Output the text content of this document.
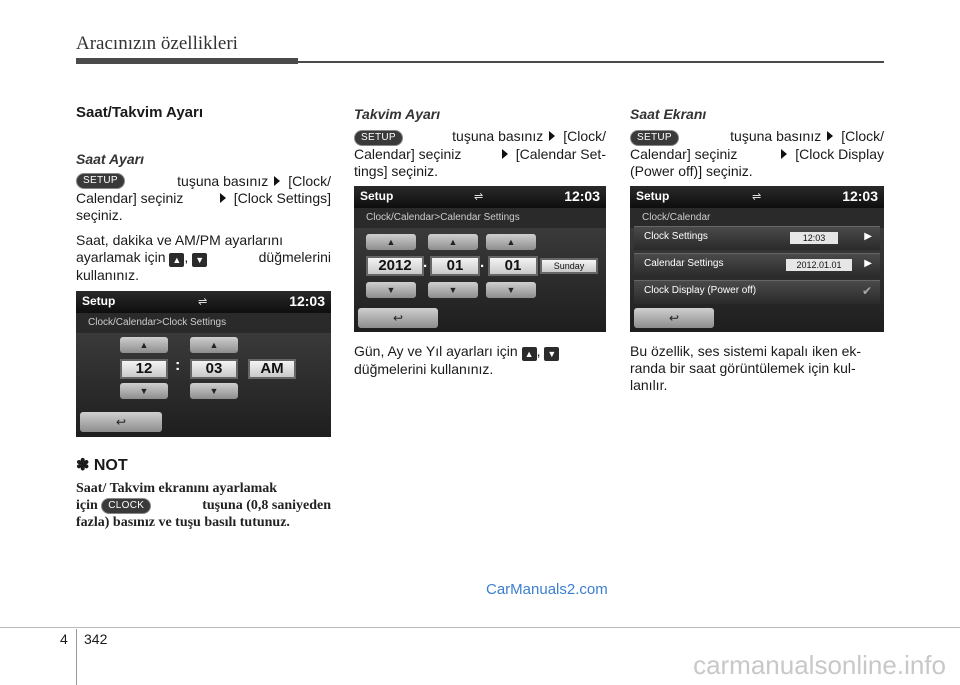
Aracınızın özellikleri
Saat/Takvim Ayarı
Saat Ayarı
SETUP	tuşuna basınız [Clock/
Calendar] seçiniz	[Clock Settings]
seçiniz.
Saat, dakika ve AM/PM ayarlarını
ayarlamak için ▲ , ▼	düğmelerini
kullanınız.
Setup	⇌	12:03
Clock/Calendar>Clock Settings
▲	▲
12	:	03	AM
▼	▼
↩
✽ NOT
Saat/ Takvim ekranını ayarlamak
için CLOCK	tuşuna (0,8 saniyeden
fazla) basınız ve tuşu basılı tutunuz.
Takvim Ayarı
SETUP	tuşuna basınız [Clock/
Calendar] seçiniz	[Calendar Set-
tings] seçiniz.
Setup	⇌	12:03
Clock/Calendar>Calendar Settings
▲	▲	▲
2012 .	01	.	01	Sunday
▼	▼	▼
↩
Gün, Ay ve Yıl ayarları için ▲ , ▼
düğmelerini kullanınız.
Saat Ekranı
SETUP	tuşuna basınız [Clock/
Calendar] seçiniz	[Clock Display
(Power off)] seçiniz.
Setup	⇌	12:03
Clock/Calendar
Clock Settings	12:03	▶
Calendar Settings	2012.01.01	▶
Clock Display (Power off)	✔
↩
Bu özellik, ses sistemi kapalı iken ek-
randa bir saat görüntülemek için kul-
lanılır.
CarManuals2.com
4 342
carmanualsonline.info
